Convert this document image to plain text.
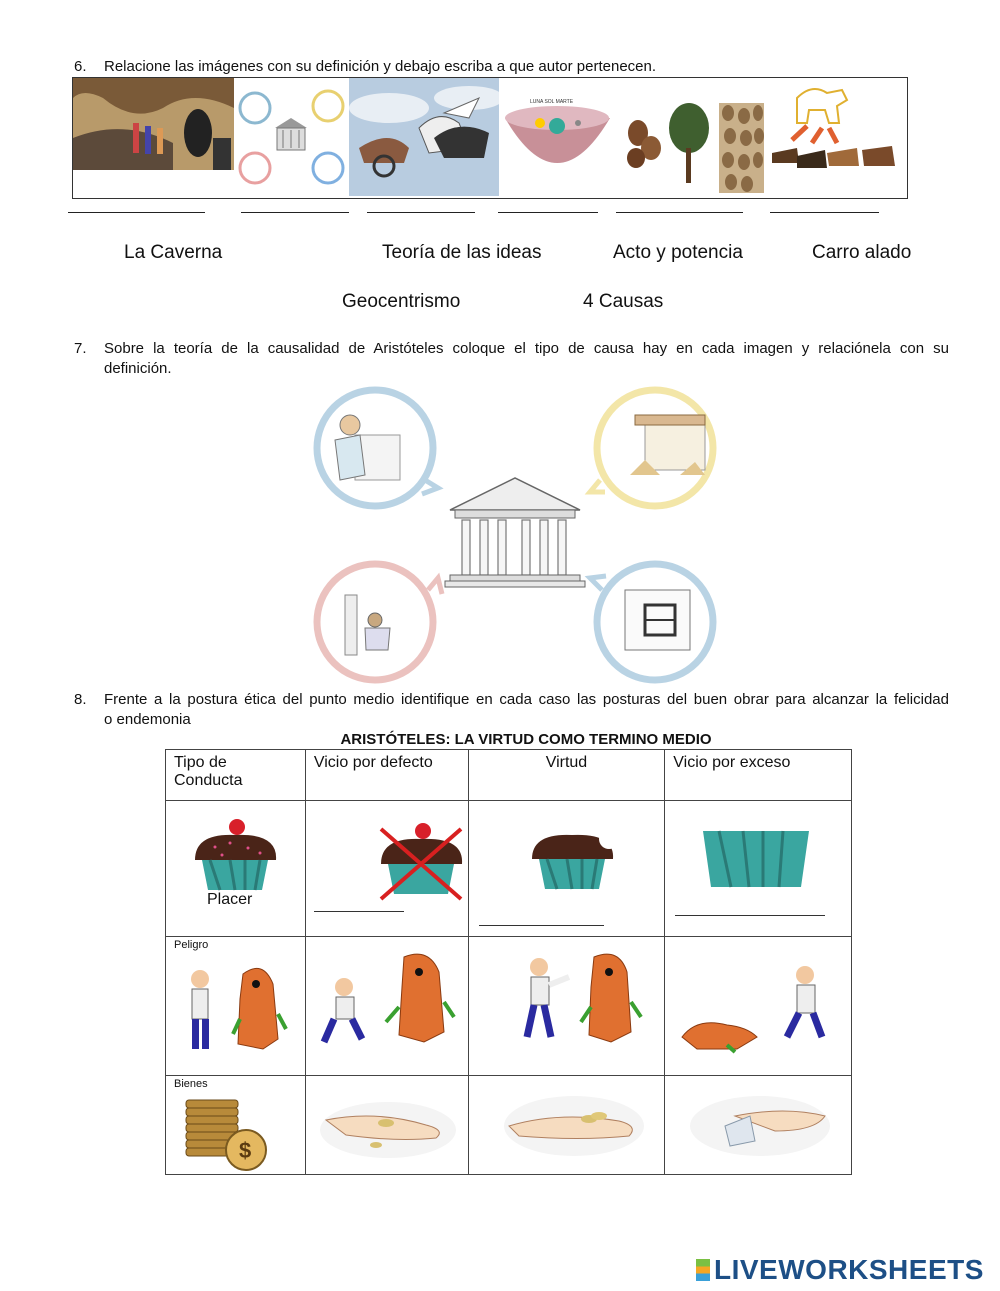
6. Relacione las imágenes con su definición y debajo escriba a que autor pertenecen.
LUNA SOL MARTE
La Caverna	Teoría de las ideas	Acto y potencia	Carro alado
Geocentrismo	4 Causas
7. Sobre la teoría de la causalidad de Aristóteles coloque el tipo de causa hay en cada imagen y relaciónela con su
definición.
8. Frente a la postura ética del punto medio identifique en cada caso las posturas del buen obrar para alcanzar la felicidad
o endemonia
ARISTÓTELES: LA VIRTUD COMO TERMINO MEDIO
Tipo de Conducta	Vicio por defecto	Virtud	Vicio por exceso

Placer

Peligro

Bienes
$

LIVEWORKSHEETS
